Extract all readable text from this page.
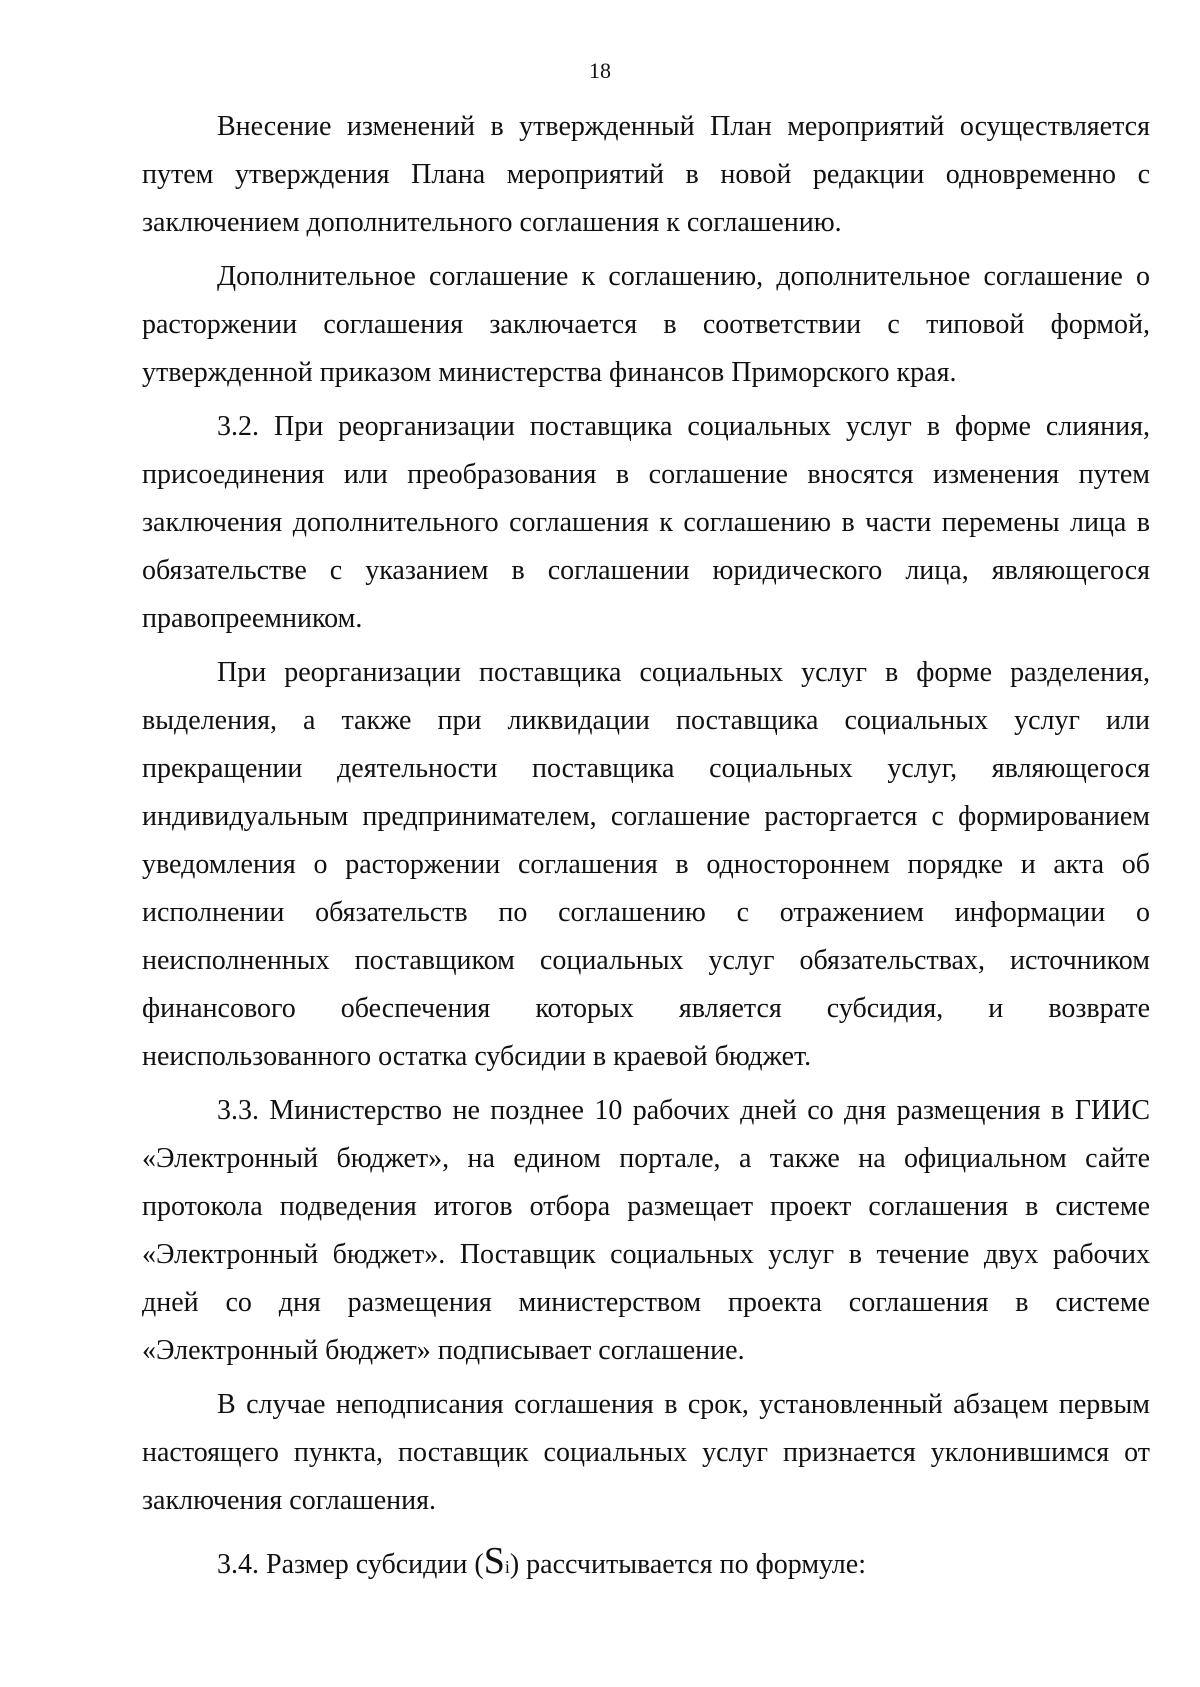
18

Внесение изменений в утвержденный План мероприятий осуществляется путем утверждения Плана мероприятий в новой редакции одновременно с заключением дополнительного соглашения к соглашению.

Дополнительное соглашение к соглашению, дополнительное соглашение о расторжении соглашения заключается в соответствии с типовой формой, утвержденной приказом министерства финансов Приморского края.

3.2. При реорганизации поставщика социальных услуг в форме слияния, присоединения или преобразования в соглашение вносятся изменения путем заключения дополнительного соглашения к соглашению в части перемены лица в обязательстве с указанием в соглашении юридического лица, являющегося правопреемником.

При реорганизации поставщика социальных услуг в форме разделения, выделения, а также при ликвидации поставщика социальных услуг или прекращении деятельности поставщика социальных услуг, являющегося индивидуальным предпринимателем, соглашение расторгается с формированием уведомления о расторжении соглашения в одностороннем порядке и акта об исполнении обязательств по соглашению с отражением информации о неисполненных поставщиком социальных услуг обязательствах, источником финансового обеспечения которых является субсидия, и возврате неиспользованного остатка субсидии в краевой бюджет.

3.3. Министерство не позднее 10 рабочих дней со дня размещения в ГИИС «Электронный бюджет», на едином портале, а также на официальном сайте протокола подведения итогов отбора размещает проект соглашения в системе «Электронный бюджет». Поставщик социальных услуг в течение двух рабочих дней со дня размещения министерством проекта соглашения в системе «Электронный бюджет» подписывает соглашение.

В случае неподписания соглашения в срок, установленный абзацем первым настоящего пункта, поставщик социальных услуг признается уклонившимся от заключения соглашения.

3.4. Размер субсидии (Si) рассчитывается по формуле:
